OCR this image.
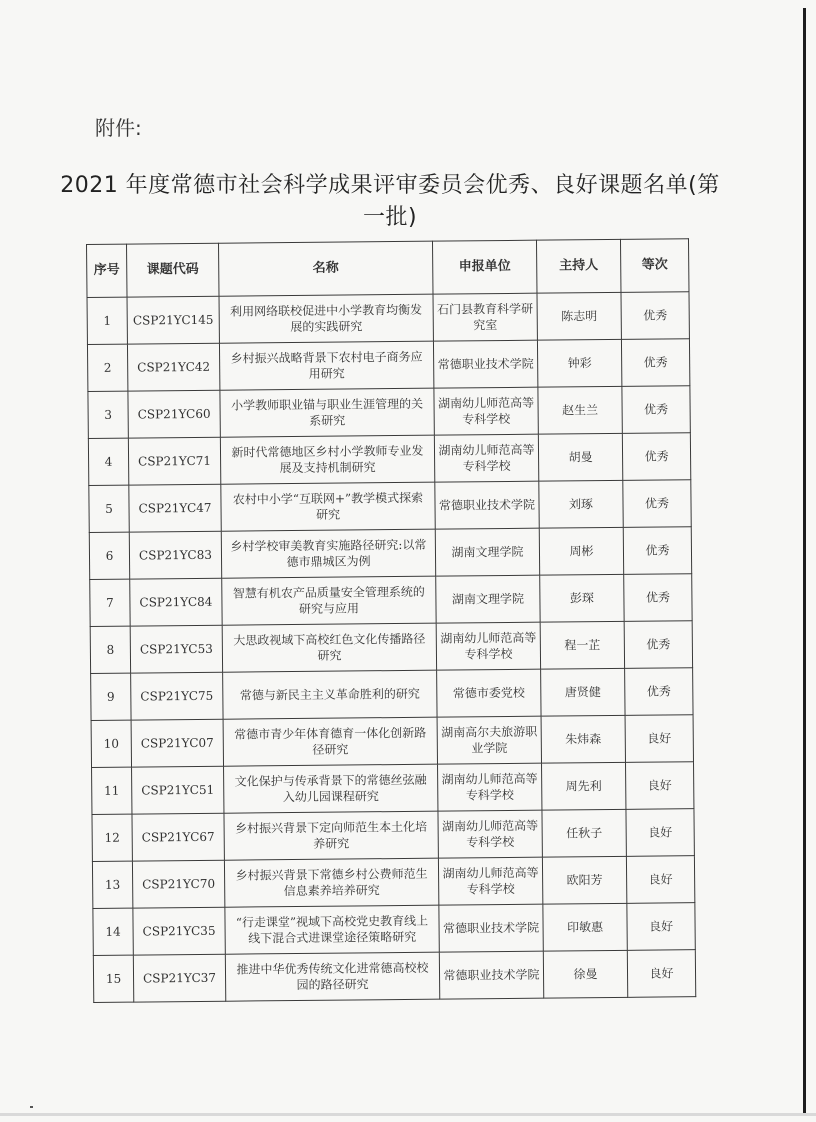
附件:
2021 年度常德市社会科学成果评审委员会优秀、良好课题名单(第一批)
序号	课题代码	名称	申报单位	主持人	等次
1	CSP21YC145	利用网络联校促进中小学教育均衡发展的实践研究	石门县教育科学研究室	陈志明	优秀
2	CSP21YC42	乡村振兴战略背景下农村电子商务应用研究	常德职业技术学院	钟彩	优秀
3	CSP21YC60	小学教师职业锚与职业生涯管理的关系研究	湖南幼儿师范高等专科学校	赵生兰	优秀
4	CSP21YC71	新时代常德地区乡村小学教师专业发展及支持机制研究	湖南幼儿师范高等专科学校	胡曼	优秀
5	CSP21YC47	农村中小学“互联网+”教学模式探索研究	常德职业技术学院	刘琢	优秀
6	CSP21YC83	乡村学校审美教育实施路径研究:以常德市鼎城区为例	湖南文理学院	周彬	优秀
7	CSP21YC84	智慧有机农产品质量安全管理系统的研究与应用	湖南文理学院	彭琛	优秀
8	CSP21YC53	大思政视域下高校红色文化传播路径研究	湖南幼儿师范高等专科学校	程一芷	优秀
9	CSP21YC75	常德与新民主主义革命胜利的研究	常德市委党校	唐贤健	优秀
10	CSP21YC07	常德市青少年体育德育一体化创新路径研究	湖南高尔夫旅游职业学院	朱炜森	良好
11	CSP21YC51	文化保护与传承背景下的常德丝弦融入幼儿园课程研究	湖南幼儿师范高等专科学校	周先利	良好
12	CSP21YC67	乡村振兴背景下定向师范生本土化培养研究	湖南幼儿师范高等专科学校	任秋子	良好
13	CSP21YC70	乡村振兴背景下常德乡村公费师范生信息素养培养研究	湖南幼儿师范高等专科学校	欧阳芳	良好
14	CSP21YC35	“行走课堂”视域下高校党史教育线上线下混合式进课堂途径策略研究	常德职业技术学院	印敏惠	良好
15	CSP21YC37	推进中华优秀传统文化进常德高校校园的路径研究	常德职业技术学院	徐曼	良好
